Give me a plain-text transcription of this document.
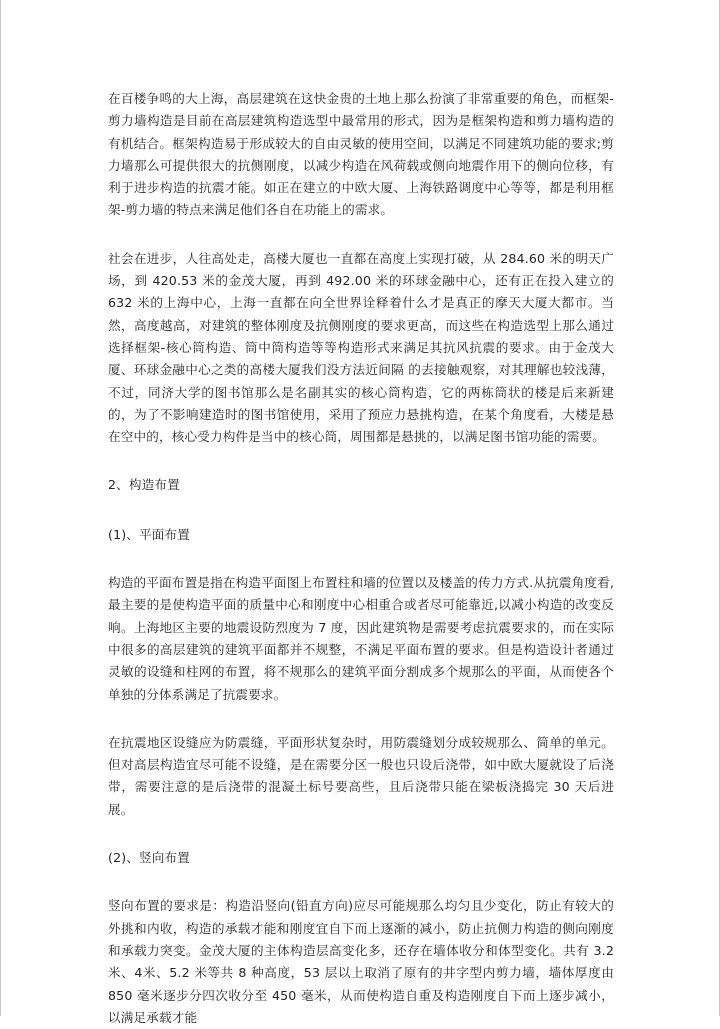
在百楼争鸣的大上海，高层建筑在这快金贵的土地上那么扮演了非常重要的角色，而框架-剪力墙构造是目前在高层建筑构造选型中最常用的形式，因为是框架构造和剪力墙构造的有机结合。框架构造易于形成较大的自由灵敏的使用空间，以满足不同建筑功能的要求;剪力墙那么可提供很大的抗侧刚度，以减少构造在风荷载或侧向地震作用下的侧向位移，有利于进步构造的抗震才能。如正在建立的中欧大厦、上海铁路调度中心等等，都是利用框架-剪力墙的特点来满足他们各自在功能上的需求。

社会在进步，人往高处走，高楼大厦也一直都在高度上实现打破，从 284.60 米的明天广场，到 420.53 米的金茂大厦，再到 492.00 米的环球金融中心，还有正在投入建立的 632 米的上海中心，上海一直都在向全世界诠释着什么才是真正的摩天大厦大都市。当然，高度越高，对建筑的整体刚度及抗侧刚度的要求更高，而这些在构造选型上那么通过选择框架-核心筒构造、筒中筒构造等等构造形式来满足其抗风抗震的要求。由于金茂大厦、环球金融中心之类的高楼大厦我们没方法近间隔 的去接触观察，对其理解也较浅薄，不过，同济大学的图书馆那么是名副其实的核心筒构造，它的两栋筒状的楼是后来新建的，为了不影响建造时的图书馆使用，采用了预应力悬挑构造，在某个角度看，大楼是悬在空中的，核心受力构件是当中的核心筒，周围都是悬挑的，以满足图书馆功能的需要。

2、构造布置

(1)、平面布置

构造的平面布置是指在构造平面图上布置柱和墙的位置以及楼盖的传力方式.从抗震角度看,最主要的是使构造平面的质量中心和刚度中心相重合或者尽可能靠近,以减小构造的改变反响。上海地区主要的地震设防烈度为 7 度，因此建筑物是需要考虑抗震要求的，而在实际中很多的高层建筑的建筑平面都并不规整，不满足平面布置的要求。但是构造设计者通过灵敏的设缝和柱网的布置，将不规那么的建筑平面分割成多个规那么的平面，从而使各个单独的分体系满足了抗震要求。

在抗震地区设缝应为防震缝，平面形状复杂时，用防震缝划分成较规那么、简单的单元。但对高层构造宜尽可能不设缝，是在需要分区一般也只设后浇带，如中欧大厦就设了后浇带，需要注意的是后浇带的混凝土标号要高些，且后浇带只能在梁板浇捣完 30 天后进展。

(2)、竖向布置

竖向布置的要求是：构造沿竖向(铅直方向)应尽可能规那么均匀且少变化，防止有较大的外挑和内收，构造的承载才能和刚度宜自下而上逐渐的减小，防止抗侧力构造的侧向刚度和承载力突变。金茂大厦的主体构造层高变化多，还存在墙体收分和体型变化。共有 3.2 米、4米、5.2 米等共 8 种高度，53 层以上取消了原有的井字型内剪力墙，墙体厚度由 850 毫米逐步分四次收分至 450 毫米，从而使构造自重及构造刚度自下而上逐步减小，以满足承载才能
